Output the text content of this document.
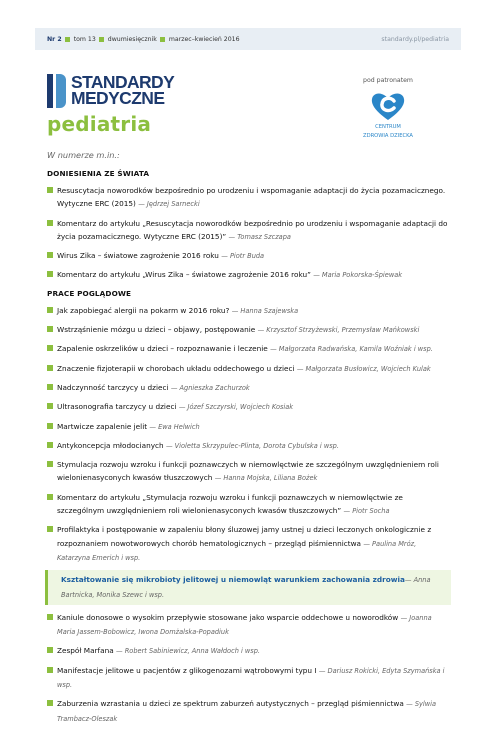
Nr 2 tom 13 dwumiesięcznik marzec–kwiecień 2016	standardy.pl/pediatria
STANDARDY
MEDYCZNE
pediatria
pod patronatem
CENTRUM
ZDROWIA DZIECKA
W numerze m.in.:
DONIESIENIA ZE ŚWIATA
Resuscytacja noworodków bezpośrednio po urodzeniu i wspomaganie adaptacji do życia pozamacicznego. Wytyczne ERC (2015) — Jędrzej Sarnecki
Komentarz do artykułu „Resuscytacja noworodków bezpośrednio po urodzeniu i wspomaganie adaptacji do życia pozamacicznego. Wytyczne ERC (2015)” — Tomasz Szczapa
Wirus Zika – światowe zagrożenie 2016 roku — Piotr Buda
Komentarz do artykułu „Wirus Zika – światowe zagrożenie 2016 roku” — Maria Pokorska-Śpiewak
PRACE POGLĄDOWE
Jak zapobiegać alergii na pokarm w 2016 roku? — Hanna Szajewska
Wstrząśnienie mózgu u dzieci – objawy, postępowanie — Krzysztof Strzyżewski, Przemysław Mańkowski
Zapalenie oskrzelików u dzieci – rozpoznawanie i leczenie — Małgorzata Radwańska, Kamila Woźniak i wsp.
Znaczenie fizjoterapii w chorobach układu oddechowego u dzieci — Małgorzata Busłowicz, Wojciech Kulak
Nadczynność tarczycy u dzieci — Agnieszka Zachurzok
Ultrasonografia tarczycy u dzieci — Józef Szczyrski, Wojciech Kosiak
Martwicze zapalenie jelit — Ewa Helwich
Antykoncepcja młodocianych — Violetta Skrzypulec-Plinta, Dorota Cybulska i wsp.
Stymulacja rozwoju wzroku i funkcji poznawczych w niemowlęctwie ze szczególnym uwzględnieniem roli wielonienasyconych kwasów tłuszczowych — Hanna Mojska, Liliana Bożek
Komentarz do artykułu „Stymulacja rozwoju wzroku i funkcji poznawczych w niemowlęctwie ze szczególnym uwzględnieniem roli wielonienasyconych kwasów tłuszczowych” — Piotr Socha
Profilaktyka i postępowanie w zapaleniu błony śluzowej jamy ustnej u dzieci leczonych onkologicznie z rozpoznaniem nowotworowych chorób hematologicznych – przegląd piśmiennictwa — Paulina Mróz, Katarzyna Emerich i wsp.
Kształtowanie się mikrobioty jelitowej u niemowląt warunkiem zachowania zdrowia— Anna Bartnicka, Monika Szewc i wsp.
Kaniule donosowe o wysokim przepływie stosowane jako wsparcie oddechowe u noworodków — Joanna Maria Jassem-Bobowicz, Iwona Domżalska-Popadiuk
Zespół Marfana — Robert Sabiniewicz, Anna Wałdoch i wsp.
Manifestacje jelitowe u pacjentów z glikogenozami wątrobowymi typu I — Dariusz Rokicki, Edyta Szymańska i wsp.
Zaburzenia wzrastania u dzieci ze spektrum zaburzeń autystycznych – przegląd piśmiennictwa — Sylwia Trambacz-Oleszak
